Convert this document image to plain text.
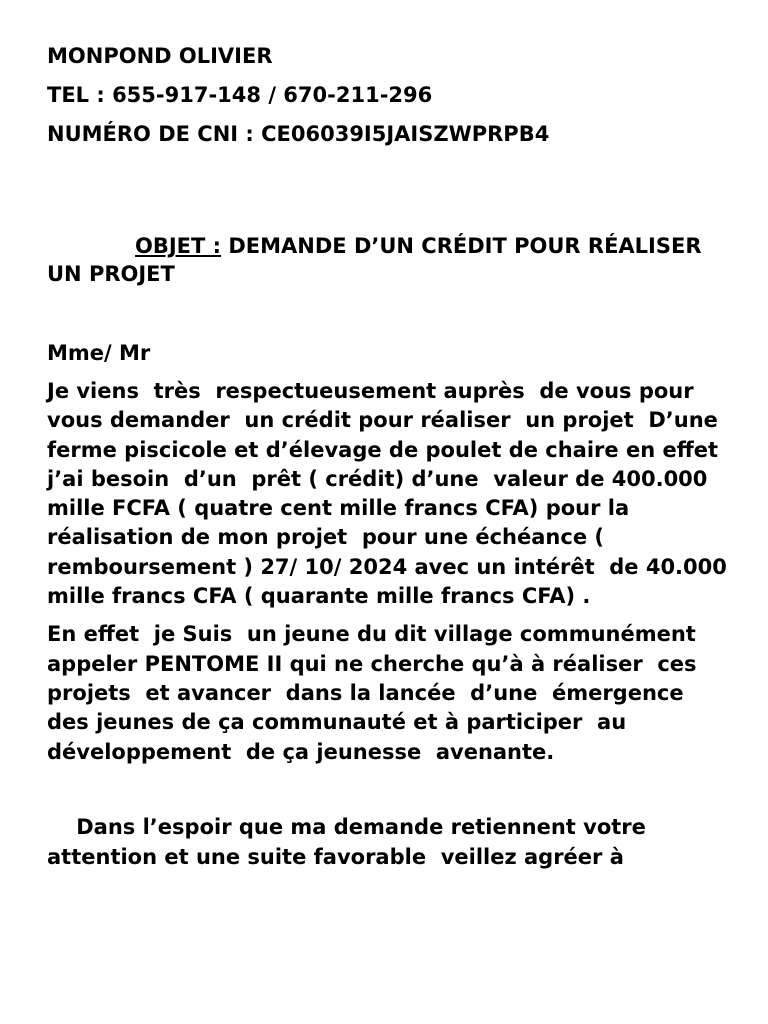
MONPOND OLIVIER
TEL : 655-917-148 / 670-211-296
NUMÉRO DE CNI : CE06039I5JAISZWPRPB4
OBJET : DEMANDE D’UN CRÉDIT POUR RÉALISER UN PROJET
Mme/ Mr
Je viens  très  respectueusement auprès  de vous pour vous demander  un crédit pour réaliser  un projet  D’une ferme piscicole et d’élevage de poulet de chaire en effet j’ai besoin  d’un  prêt ( crédit) d’une  valeur de 400.000 mille FCFA ( quatre cent mille francs CFA) pour la réalisation de mon projet  pour une échéance ( remboursement ) 27/ 10/ 2024 avec un intérêt  de 40.000 mille francs CFA ( quarante mille francs CFA) .
En effet  je Suis  un jeune du dit village communément appeler PENTOME II qui ne cherche qu’à à réaliser  ces projets  et avancer  dans la lancée  d’une  émergence  des jeunes de ça communauté et à participer  au développement  de ça jeunesse  avenante.
Dans l’espoir que ma demande retiennent votre attention et une suite favorable  veillez agréer à
